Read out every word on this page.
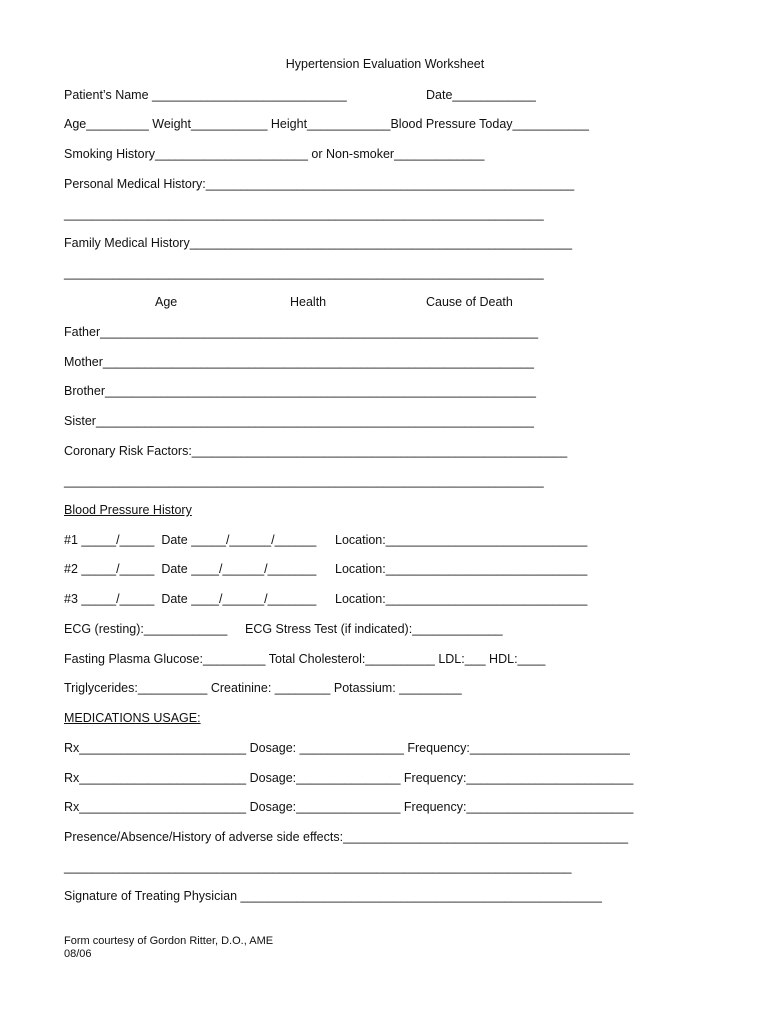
Hypertension Evaluation Worksheet
Patient’s Name ____________________________	Date____________
Age_________ Weight___________ Height____________Blood Pressure Today___________
Smoking History______________________ or Non-smoker_____________
Personal Medical History:_____________________________________________________
_____________________________________________________________________
Family Medical History_______________________________________________________
_____________________________________________________________________
Age	Health	Cause of Death
Father_______________________________________________________________
Mother______________________________________________________________
Brother______________________________________________________________
Sister_______________________________________________________________
Coronary Risk Factors:______________________________________________________
_____________________________________________________________________
Blood Pressure History
#1 _____/_____  Date _____/______/______ Location:_____________________________
#2 _____/_____  Date ____/______/_______ Location:_____________________________
#3 _____/_____  Date ____/______/_______ Location:_____________________________
ECG (resting):____________ ECG Stress Test (if indicated):_____________
Fasting Plasma Glucose:_________ Total Cholesterol:__________ LDL:___ HDL:____
Triglycerides:__________ Creatinine: ________ Potassium: _________
MEDICATIONS USAGE:
Rx________________________ Dosage: _______________ Frequency:_______________________
Rx________________________ Dosage:_______________ Frequency:________________________
Rx________________________ Dosage:_______________ Frequency:________________________
Presence/Absence/History of adverse side effects:_________________________________________
_________________________________________________________________________
Signature of Treating Physician ____________________________________________________
Form courtesy of Gordon Ritter, D.O., AME
08/06
